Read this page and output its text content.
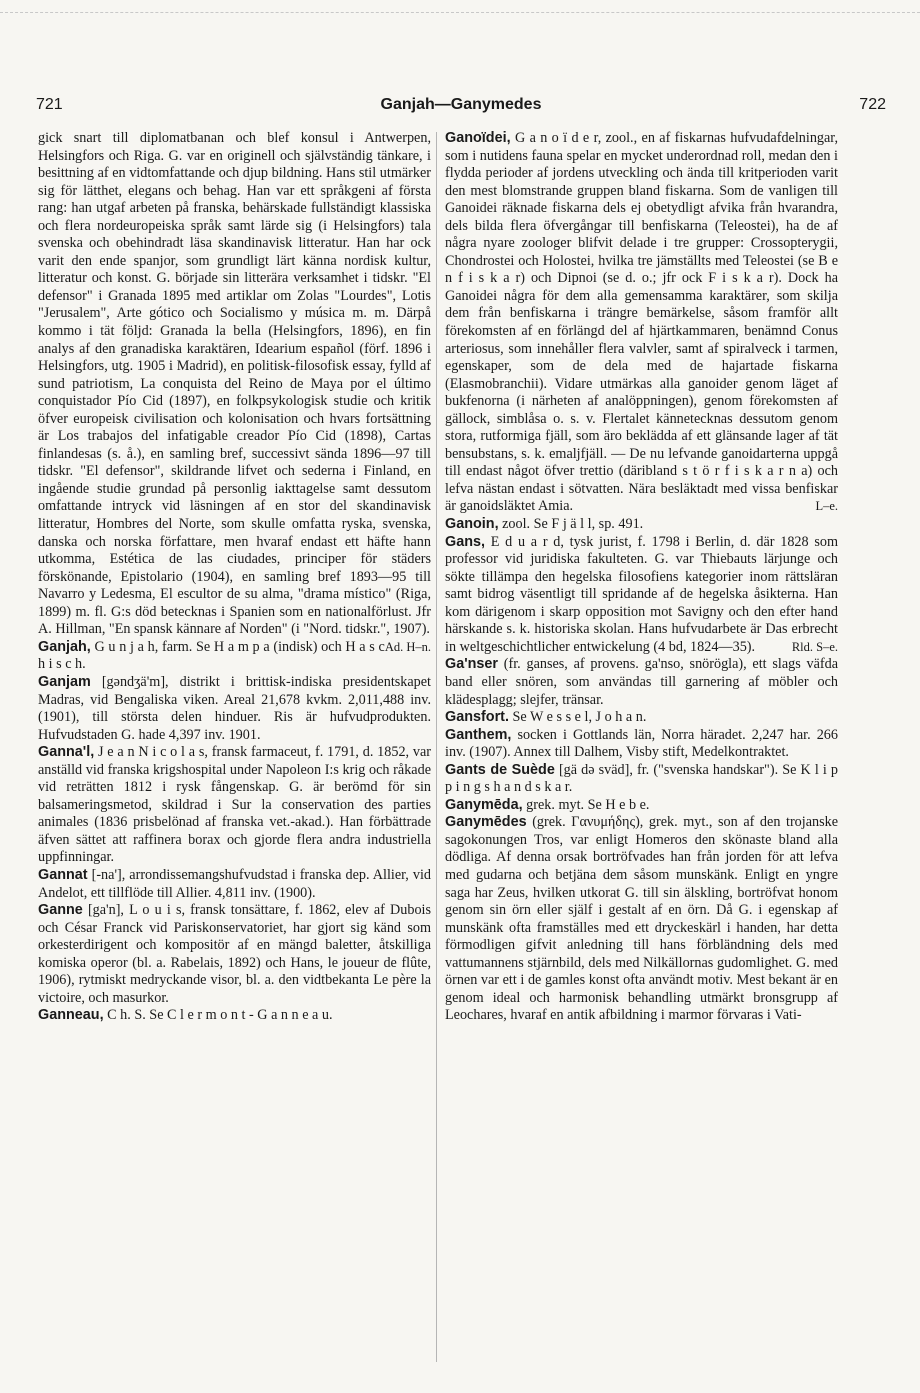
721	Ganjah—Ganymedes	722

gick snart till diplomatbanan och blef konsul i Antwerpen, Helsingfors och Riga. G. var en originell och självständig tänkare, i besittning af en vidtomfattande och djup bildning. Hans stil utmärker sig för lätthet, elegans och behag. Han var ett språkgeni af första rang: han utgaf arbeten på franska, behärskade fullständigt klassiska och flera nordeuropeiska språk samt lärde sig (i Helsingfors) tala svenska och obehindradt läsa skandinavisk litteratur. Han har ock varit den ende spanjor, som grundligt lärt känna nordisk kultur, litteratur och konst. G. började sin litterära verksamhet i tidskr. "El defensor" i Granada 1895 med artiklar om Zolas "Lourdes", Lotis "Jerusalem", Arte gótico och Socialismo y música m. m. Därpå kommo i tät följd: Granada la bella (Helsingfors, 1896), en fin analys af den granadiska karaktären, Idearium español (förf. 1896 i Helsingfors, utg. 1905 i Madrid), en politisk-filosofisk essay, fylld af sund patriotism, La conquista del Reino de Maya por el último conquistador Pío Cid (1897), en folkpsykologisk studie och kritik öfver europeisk civilisation och kolonisation och hvars fortsättning är Los trabajos del infatigable creador Pío Cid (1898), Cartas finlandesas (s. å.), en samling bref, successivt sända 1896—97 till tidskr. "El defensor", skildrande lifvet och sederna i Finland, en ingående studie grundad på personlig iakttagelse samt dessutom omfattande intryck vid läsningen af en stor del skandinavisk litteratur, Hombres del Norte, som skulle omfatta ryska, svenska, danska och norska författare, men hvaraf endast ett häfte hann utkomma, Estética de las ciudades, principer för städers förskönande, Epistolario (1904), en samling bref 1893—95 till Navarro y Ledesma, El escultor de su alma, "drama místico" (Riga, 1899) m. fl. G:s död betecknas i Spanien som en nationalförlust. Jfr A. Hillman, "En spansk kännare af Norden" (i "Nord. tidskr.", 1907).
Ad. H–n.

Ganjah, G u n j a h, farm. Se H a m p a (indisk) och H a s c h i s c h.

Ganjam [gəndʒä'm], distrikt i brittisk-indiska presidentskapet Madras, vid Bengaliska viken. Areal 21,678 kvkm. 2,011,488 inv. (1901), till största delen hinduer. Ris är hufvudprodukten. Hufvudstaden G. hade 4,397 inv. 1901.

Ganna'l, J e a n N i c o l a s, fransk farmaceut, f. 1791, d. 1852, var anställd vid franska krigshospital under Napoleon I:s krig och råkade vid reträtten 1812 i rysk fångenskap. G. är berömd för sin balsameringsmetod, skildrad i Sur la conservation des parties animales (1836 prisbelönad af franska vet.-akad.). Han förbättrade äfven sättet att raffinera borax och gjorde flera andra industriella uppfinningar.

Gannat [-na'], arrondissemangshufvudstad i franska dep. Allier, vid Andelot, ett tillflöde till Allier. 4,811 inv. (1900).

Ganne [ga'n], L o u i s, fransk tonsättare, f. 1862, elev af Dubois och César Franck vid Pariskonservatoriet, har gjort sig känd som orkesterdirigent och kompositör af en mängd baletter, åtskilliga komiska operor (bl. a. Rabelais, 1892) och Hans, le joueur de flûte, 1906), rytmiskt medryckande visor, bl. a. den vidtbekanta Le père la victoire, och masurkor.

Ganneau, C h. S. Se C l e r m o n t - G a n n e a u.

Ganoïdei, G a n o ï d e r, zool., en af fiskarnas hufvudafdelningar, som i nutidens fauna spelar en mycket underordnad roll, medan den i flydda perioder af jordens utveckling och ända till kritperioden varit den mest blomstrande gruppen bland fiskarna. Som de vanligen till Ganoidei räknade fiskarna dels ej obetydligt afvika från hvarandra, dels bilda flera öfvergångar till benfiskarna (Teleostei), ha de af några nyare zoologer blifvit delade i tre grupper: Crossopterygii, Chondrostei och Holostei, hvilka tre jämställts med Teleostei (se B e n f i s k a r) och Dipnoi (se d. o.; jfr ock F i s k a r). Dock ha Ganoidei några för dem alla gemensamma karaktärer, som skilja dem från benfiskarna i trängre bemärkelse, såsom framför allt förekomsten af en förlängd del af hjärtkammaren, benämnd Conus arteriosus, som innehåller flera valvler, samt af spiralveck i tarmen, egenskaper, som de dela med de hajartade fiskarna (Elasmobranchii). Vidare utmärkas alla ganoider genom läget af bukfenorna (i närheten af analöppningen), genom förekomsten af gällock, simblåsa o. s. v. Flertalet kännetecknas dessutom genom stora, rutformiga fjäll, som äro beklädda af ett glänsande lager af tät bensubstans, s. k. emaljfjäll. — De nu lefvande ganoidarterna uppgå till endast något öfver trettio (däribland s t ö r f i s k a r n a) och lefva nästan endast i sötvatten. Nära besläktadt med vissa benfiskar är ganoidsläktet Amia.	L–e.

Ganoin, zool. Se F j ä l l, sp. 491.

Gans, E d u a r d, tysk jurist, f. 1798 i Berlin, d. där 1828 som professor vid juridiska fakulteten. G. var Thiebauts lärjunge och sökte tillämpa den hegelska filosofiens kategorier inom rättsläran samt bidrog väsentligt till spridande af de hegelska åsikterna. Han kom därigenom i skarp opposition mot Savigny och den efter hand härskande s. k. historiska skolan. Hans hufvudarbete är Das erbrecht in weltgeschichtlicher entwickelung (4 bd, 1824—35).	Rld. S–e.

Ga'nser (fr. ganses, af provens. ga'nso, snörögla), ett slags väfda band eller snören, som användas till garnering af möbler och klädesplagg; slejfer, tränsar.

Gansfort. Se W e s s e l, J o h a n.

Ganthem, socken i Gottlands län, Norra häradet. 2,247 har. 266 inv. (1907). Annex till Dalhem, Visby stift, Medelkontraktet.

Gants de Suède [gä də sväd], fr. ("svenska handskar"). Se K l i p p i n g s h a n d s k a r.

Ganymēda, grek. myt. Se H e b e.

Ganymēdes (grek. Γανυμήδης), grek. myt., son af den trojanske sagokonungen Tros, var enligt Homeros den skönaste bland alla dödliga. Af denna orsak bortröfvades han från jorden för att lefva med gudarna och betjäna dem såsom munskänk. Enligt en yngre saga har Zeus, hvilken utkorat G. till sin älskling, bortröfvat honom genom sin örn eller själf i gestalt af en örn. Då G. i egenskap af munskänk ofta framställes med ett dryckeskärl i handen, har detta förmodligen gifvit anledning till hans förbländning dels med vattumannens stjärnbild, dels med Nilkällornas gudomlighet. G. med örnen var ett i de gamles konst ofta användt motiv. Mest bekant är en genom ideal och harmonisk behandling utmärkt bronsgrupp af Leochares, hvaraf en antik afbildning i marmor förvaras i Vati-
